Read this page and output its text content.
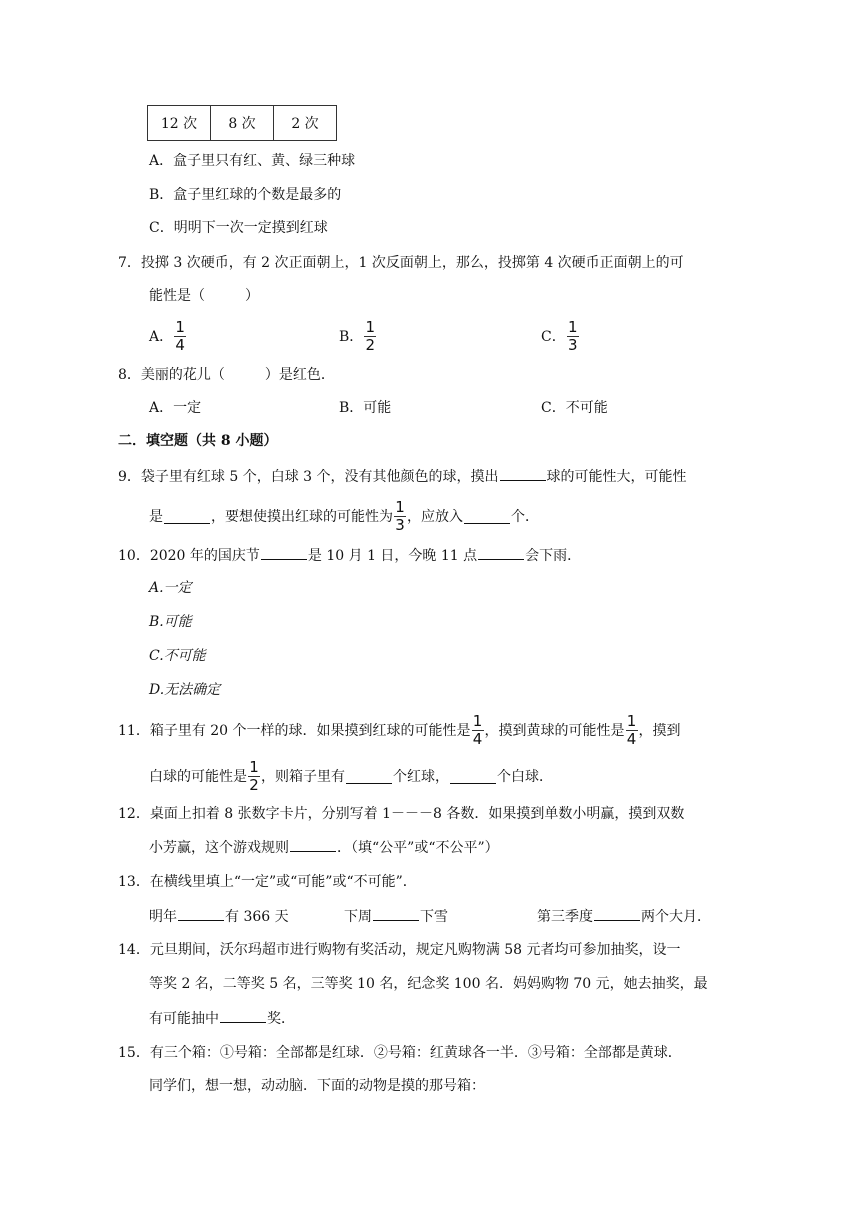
12 次	8 次	2 次
A．盒子里只有红、黄、绿三种球
B．盒子里红球的个数是最多的
C．明明下一次一定摸到红球
7．投掷 3 次硬币，有 2 次正面朝上，1 次反面朝上，那么，投掷第 4 次硬币正面朝上的可
能性是（	）
A． $\frac{1}{4}$	B． $\frac{1}{2}$	C． $\frac{1}{3}$
8．美丽的花儿（	）是红色．
A．一定	B．可能	C．不可能
二．填空题（共 8 小题）
9．袋子里有红球 5 个，白球 3 个，没有其他颜色的球，摸出	球的可能性大，可能性
是	，要想使摸出红球的可能性为 $\frac{1}{3}$ ，应放入	个．
10．2020 年的国庆节	是 10 月 1 日，今晚 11 点	会下雨．
A.一定
B.可能
C.不可能
D.无法确定
11．箱子里有 20 个一样的球．如果摸到红球的可能性是 $\frac{1}{4}$ ，摸到黄球的可能性是 $\frac{1}{4}$ ，摸到
白球的可能性是 $\frac{1}{2}$ ，则箱子里有	个红球，	个白球．
12．桌面上扣着 8 张数字卡片，分别写着 1－－－8 各数．如果摸到单数小明赢，摸到双数
小芳赢，这个游戏规则	．（填“公平”或“不公平”）
13．在横线里填上“一定”或“可能”或“不可能”．
明年	有 366 天	下周	下雪	第三季度	两个大月．
14．元旦期间，沃尔玛超市进行购物有奖活动，规定凡购物满 58 元者均可参加抽奖，设一
等奖 2 名，二等奖 5 名，三等奖 10 名，纪念奖 100 名．妈妈购物 70 元，她去抽奖，最
有可能抽中	奖．
15．有三个箱：①号箱：全部都是红球．②号箱：红黄球各一半．③号箱：全部都是黄球．
同学们，想一想，动动脑．下面的动物是摸的那号箱：
